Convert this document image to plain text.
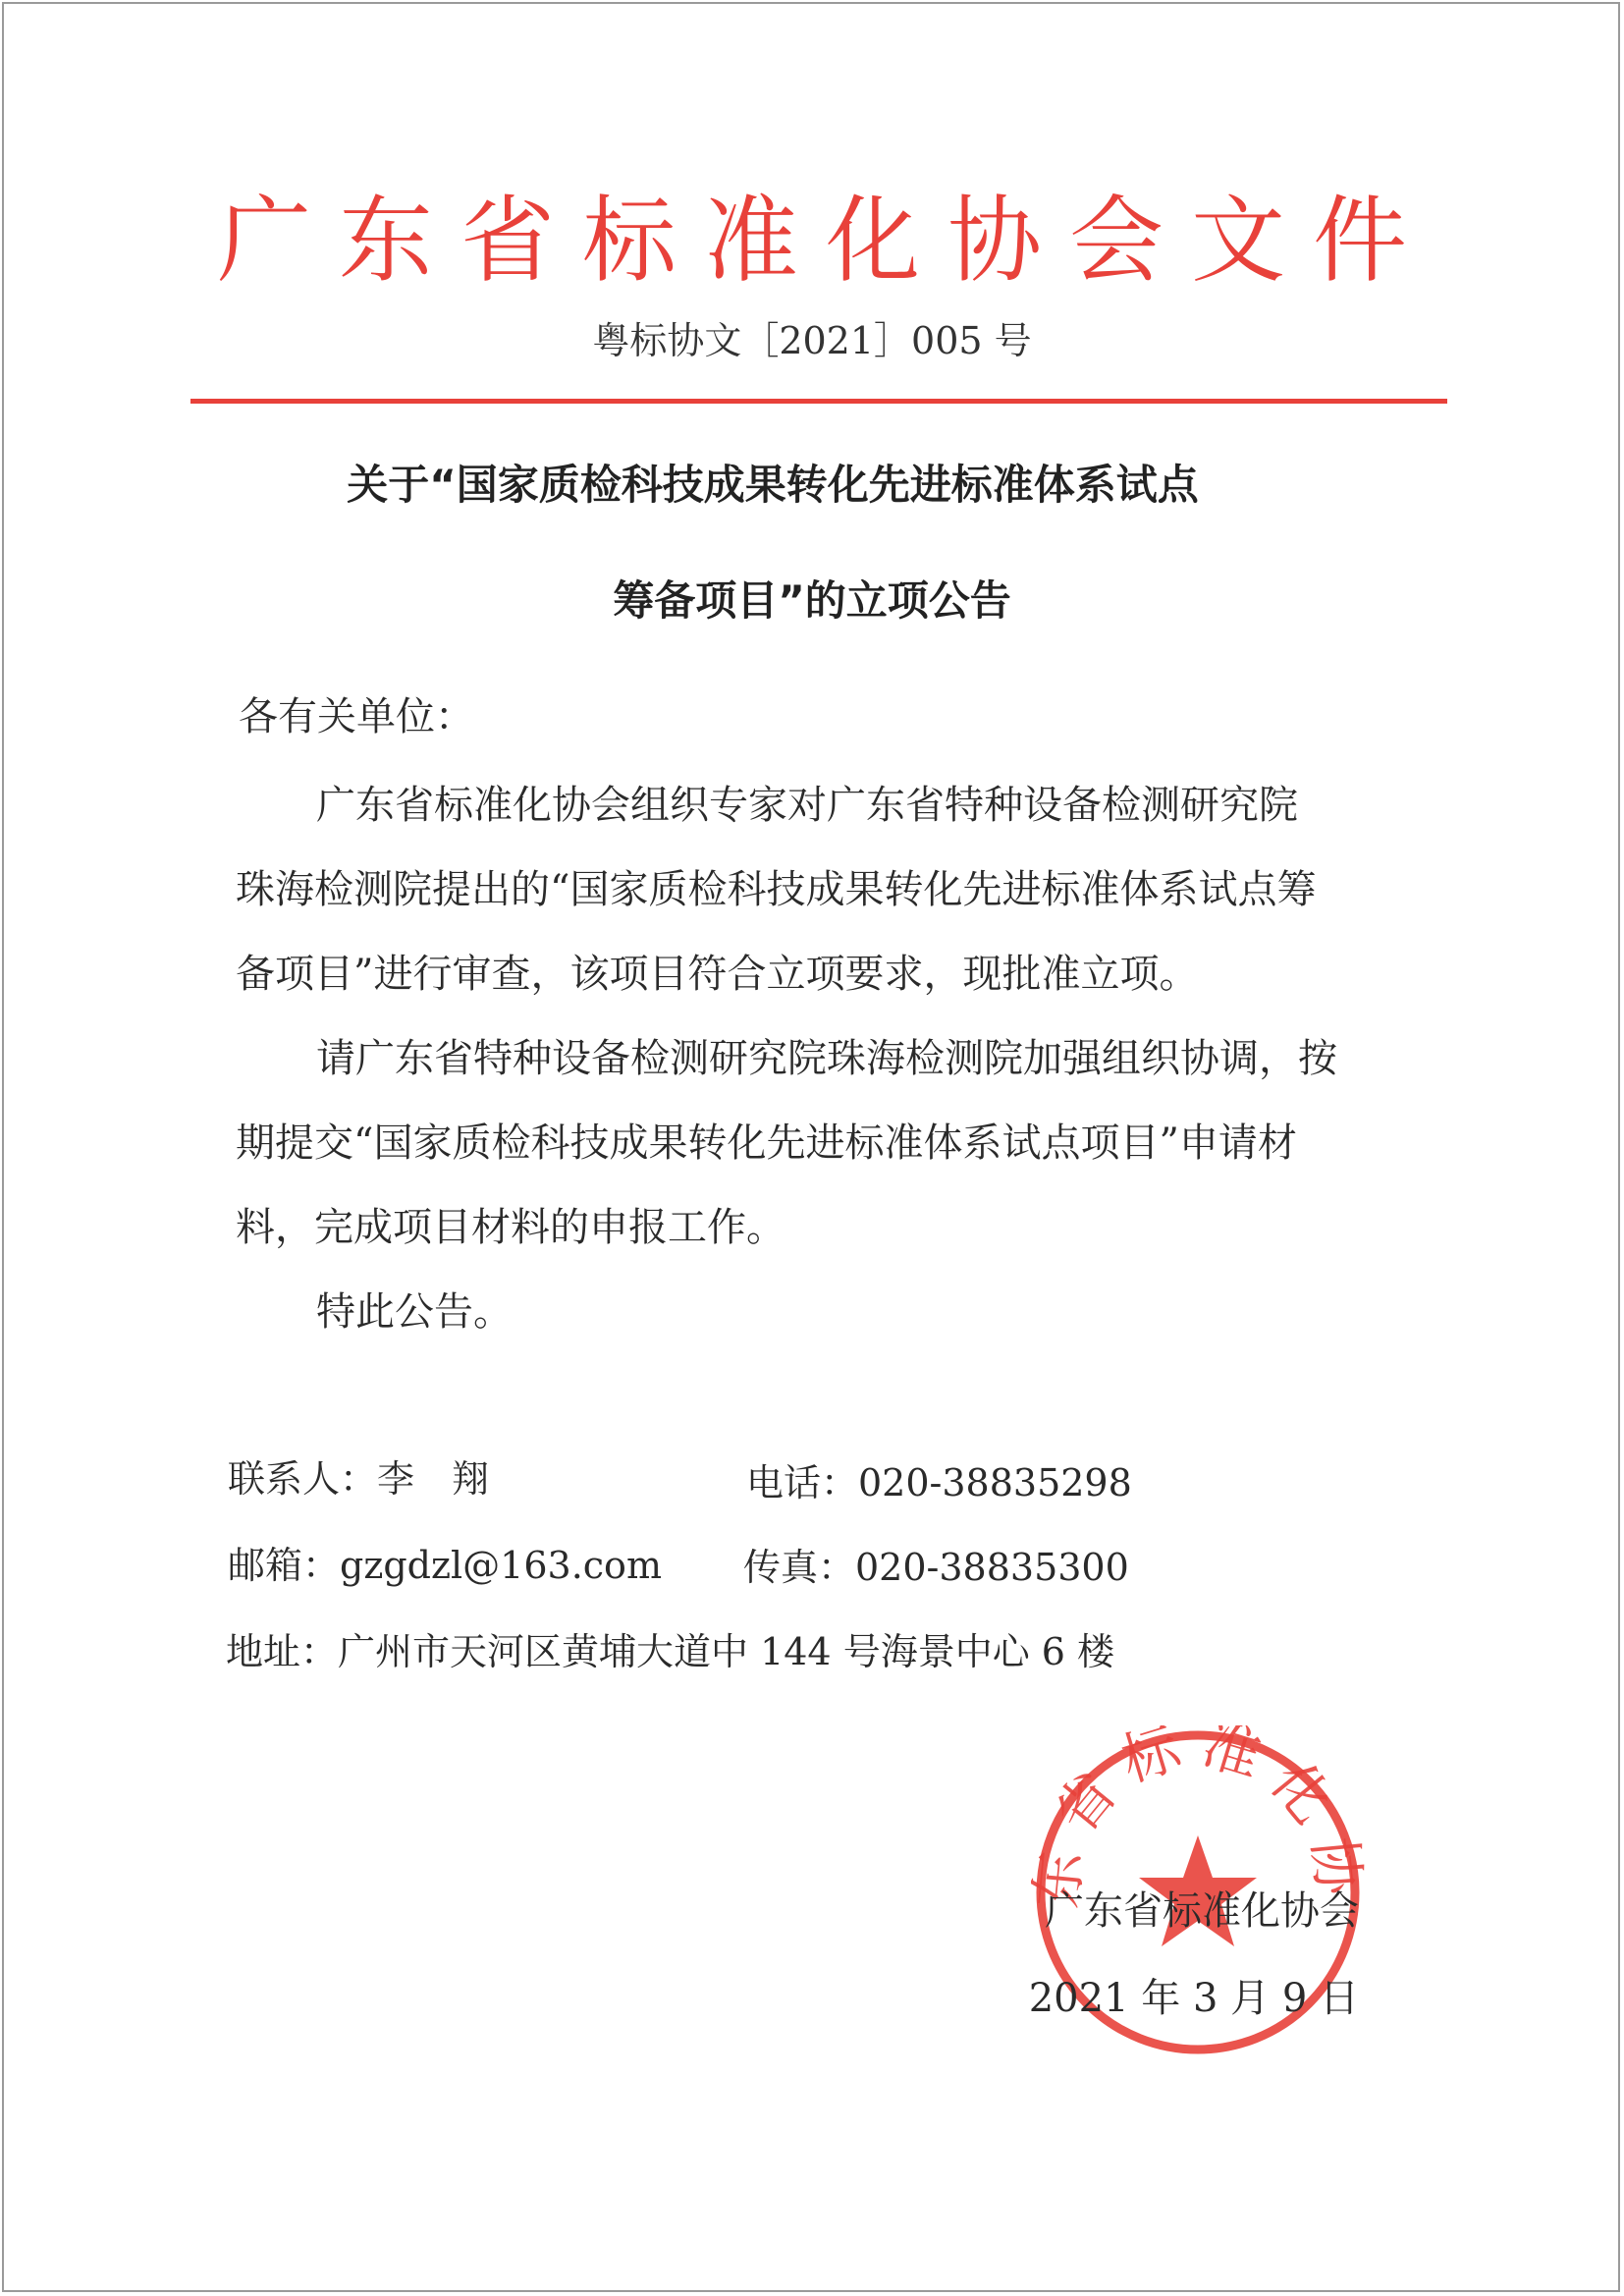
广东省标准化协会文件
粤标协文［2021］005 号
关于“国家质检科技成果转化先进标准体系试点
筹备项目”的立项公告
各有关单位：
广东省标准化协会组织专家对广东省特种设备检测研究院
珠海检测院提出的“国家质检科技成果转化先进标准体系试点筹
备项目”进行审查，该项目符合立项要求，现批准立项。
请广东省特种设备检测研究院珠海检测院加强组织协调，按
期提交“国家质检科技成果转化先进标准体系试点项目”申请材
料，完成项目材料的申报工作。
特此公告。
联系人：李　翔	电话：020-38835298
邮箱：gzgdzl@163.com 传真：020-38835300
地址：广州市天河区黄埔大道中 144 号海景中心 6 楼
省标准化
广东省标准化协会
2021 年 3 月 9 日
